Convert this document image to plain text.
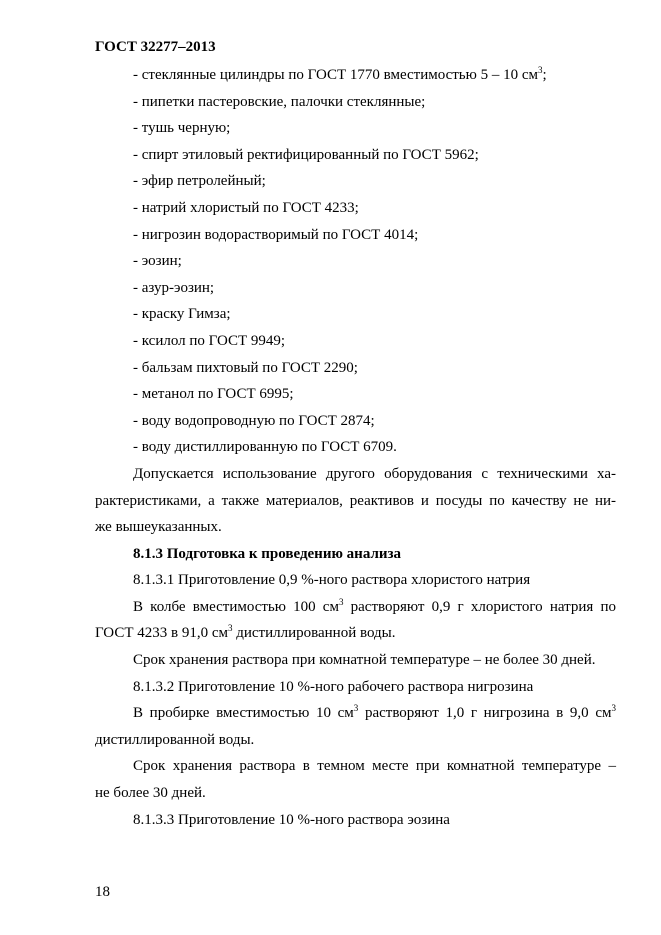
ГОСТ 32277–2013
- стеклянные цилиндры по ГОСТ 1770 вместимостью 5 – 10 $см^3$;
- пипетки пастеровские, палочки стеклянные;
- тушь черную;
- спирт этиловый ректифицированный по ГОСТ 5962;
- эфир петролейный;
- натрий хлористый по ГОСТ 4233;
- нигрозин водорастворимый по ГОСТ 4014;
- эозин;
- азур-эозин;
- краску Гимза;
- ксилол по ГОСТ 9949;
- бальзам пихтовый по ГОСТ 2290;
- метанол по ГОСТ 6995;
- воду водопроводную по ГОСТ 2874;
- воду дистиллированную по ГОСТ 6709.
Допускается использование другого оборудования с техническими ха-
рактеристиками, а также материалов, реактивов и посуды по качеству не ни-
же вышеуказанных.
8.1.3 Подготовка к проведению анализа
8.1.3.1 Приготовление 0,9 %-ного раствора хлористого натрия
В колбе вместимостью 100 $см^3$ растворяют 0,9 г хлористого натрия по
ГОСТ 4233 в 91,0 $см^3$ дистиллированной воды.
Срок хранения раствора при комнатной температуре – не более 30 дней.
8.1.3.2 Приготовление 10 %-ного рабочего раствора нигрозина
В пробирке вместимостью 10 $см^3$ растворяют 1,0 г нигрозина в 9,0 $см^3$
дистиллированной воды.
Срок хранения раствора в темном месте при комнатной температуре –
не более 30 дней.
8.1.3.3 Приготовление 10 %-ного раствора эозина
18
